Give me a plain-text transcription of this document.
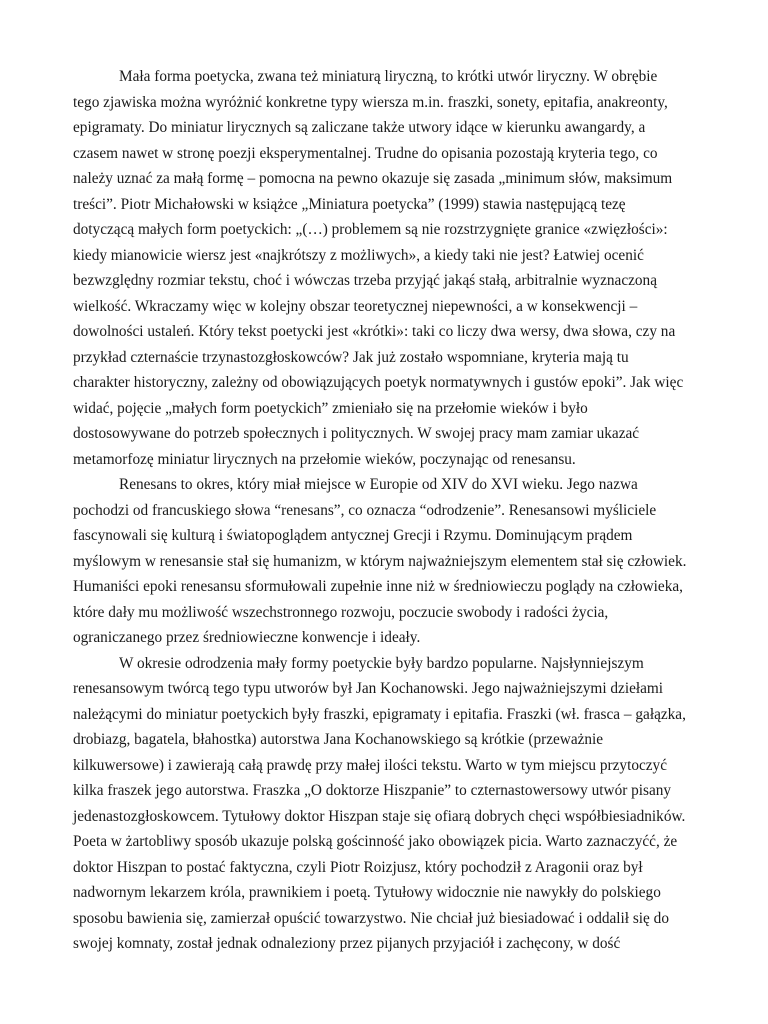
Mała forma poetycka, zwana też miniaturą liryczną, to krótki utwór liryczny. W obrębie
tego zjawiska można wyróżnić konkretne typy wiersza m.in. fraszki, sonety, epitafia, anakreonty,
epigramaty. Do miniatur lirycznych są zaliczane także utwory idące w kierunku awangardy, a
czasem nawet w stronę poezji eksperymentalnej. Trudne do opisania pozostają kryteria tego, co
należy uznać za małą formę – pomocna na pewno okazuje się zasada „minimum słów, maksimum
treści”. Piotr Michałowski w książce „Miniatura poetycka” (1999) stawia następującą tezę
dotyczącą małych form poetyckich: „(…) problemem są nie rozstrzygnięte granice «zwięzłości»:
kiedy mianowicie wiersz jest «najkrótszy z możliwych», a kiedy taki nie jest? Łatwiej ocenić
bezwzględny rozmiar tekstu, choć i wówczas trzeba przyjąć jakąś stałą, arbitralnie wyznaczoną
wielkość. Wkraczamy więc w kolejny obszar teoretycznej niepewności, a w konsekwencji –
dowolności ustaleń. Który tekst poetycki jest «krótki»: taki co liczy dwa wersy, dwa słowa, czy na
przykład czternaście trzynastozgłoskowców? Jak już zostało wspomniane, kryteria mają tu
charakter historyczny, zależny od obowiązujących poetyk normatywnych i gustów epoki”. Jak więc
widać, pojęcie „małych form poetyckich” zmieniało się na przełomie wieków i było
dostosowywane do potrzeb społecznych i politycznych. W swojej pracy mam zamiar ukazać
metamorfozę miniatur lirycznych na przełomie wieków, poczynając od renesansu.
Renesans to okres, który miał miejsce w Europie od XIV do XVI wieku. Jego nazwa
pochodzi od francuskiego słowa “renesans”, co oznacza “odrodzenie”. Renesansowi myśliciele
fascynowali się kulturą i światopoglądem antycznej Grecji i Rzymu. Dominującym prądem
myślowym w renesansie stał się humanizm, w którym najważniejszym elementem stał się człowiek.
Humaniści epoki renesansu sformułowali zupełnie inne niż w średniowieczu poglądy na człowieka,
które dały mu możliwość wszechstronnego rozwoju, poczucie swobody i radości życia,
ograniczanego przez średniowieczne konwencje i ideały.
W okresie odrodzenia mały formy poetyckie były bardzo popularne. Najsłynniejszym
renesansowym twórcą tego typu utworów był Jan Kochanowski. Jego najważniejszymi dziełami
należącymi do miniatur poetyckich były fraszki, epigramaty i epitafia. Fraszki (wł. frasca – gałązka,
drobiazg, bagatela, błahostka) autorstwa Jana Kochanowskiego są krótkie (przeważnie
kilkuwersowe) i zawierają całą prawdę przy małej ilości tekstu. Warto w tym miejscu przytoczyć
kilka fraszek jego autorstwa. Fraszka „O doktorze Hiszpanie” to czternastowersowy utwór pisany
jedenastozgłoskowcem. Tytułowy doktor Hiszpan staje się ofiarą dobrych chęci współbiesiadników.
Poeta w żartobliwy sposób ukazuje polską gościnność jako obowiązek picia. Warto zaznaczyćć, że
doktor Hiszpan to postać faktyczna, czyli Piotr Roizjusz, który pochodził z Aragonii oraz był
nadwornym lekarzem króla, prawnikiem i poetą. Tytułowy widocznie nie nawykły do polskiego
sposobu bawienia się, zamierzał opuścić towarzystwo. Nie chciał już biesiadować i oddalił się do
swojej komnaty, został jednak odnaleziony przez pijanych przyjaciół i zachęcony, w dość
